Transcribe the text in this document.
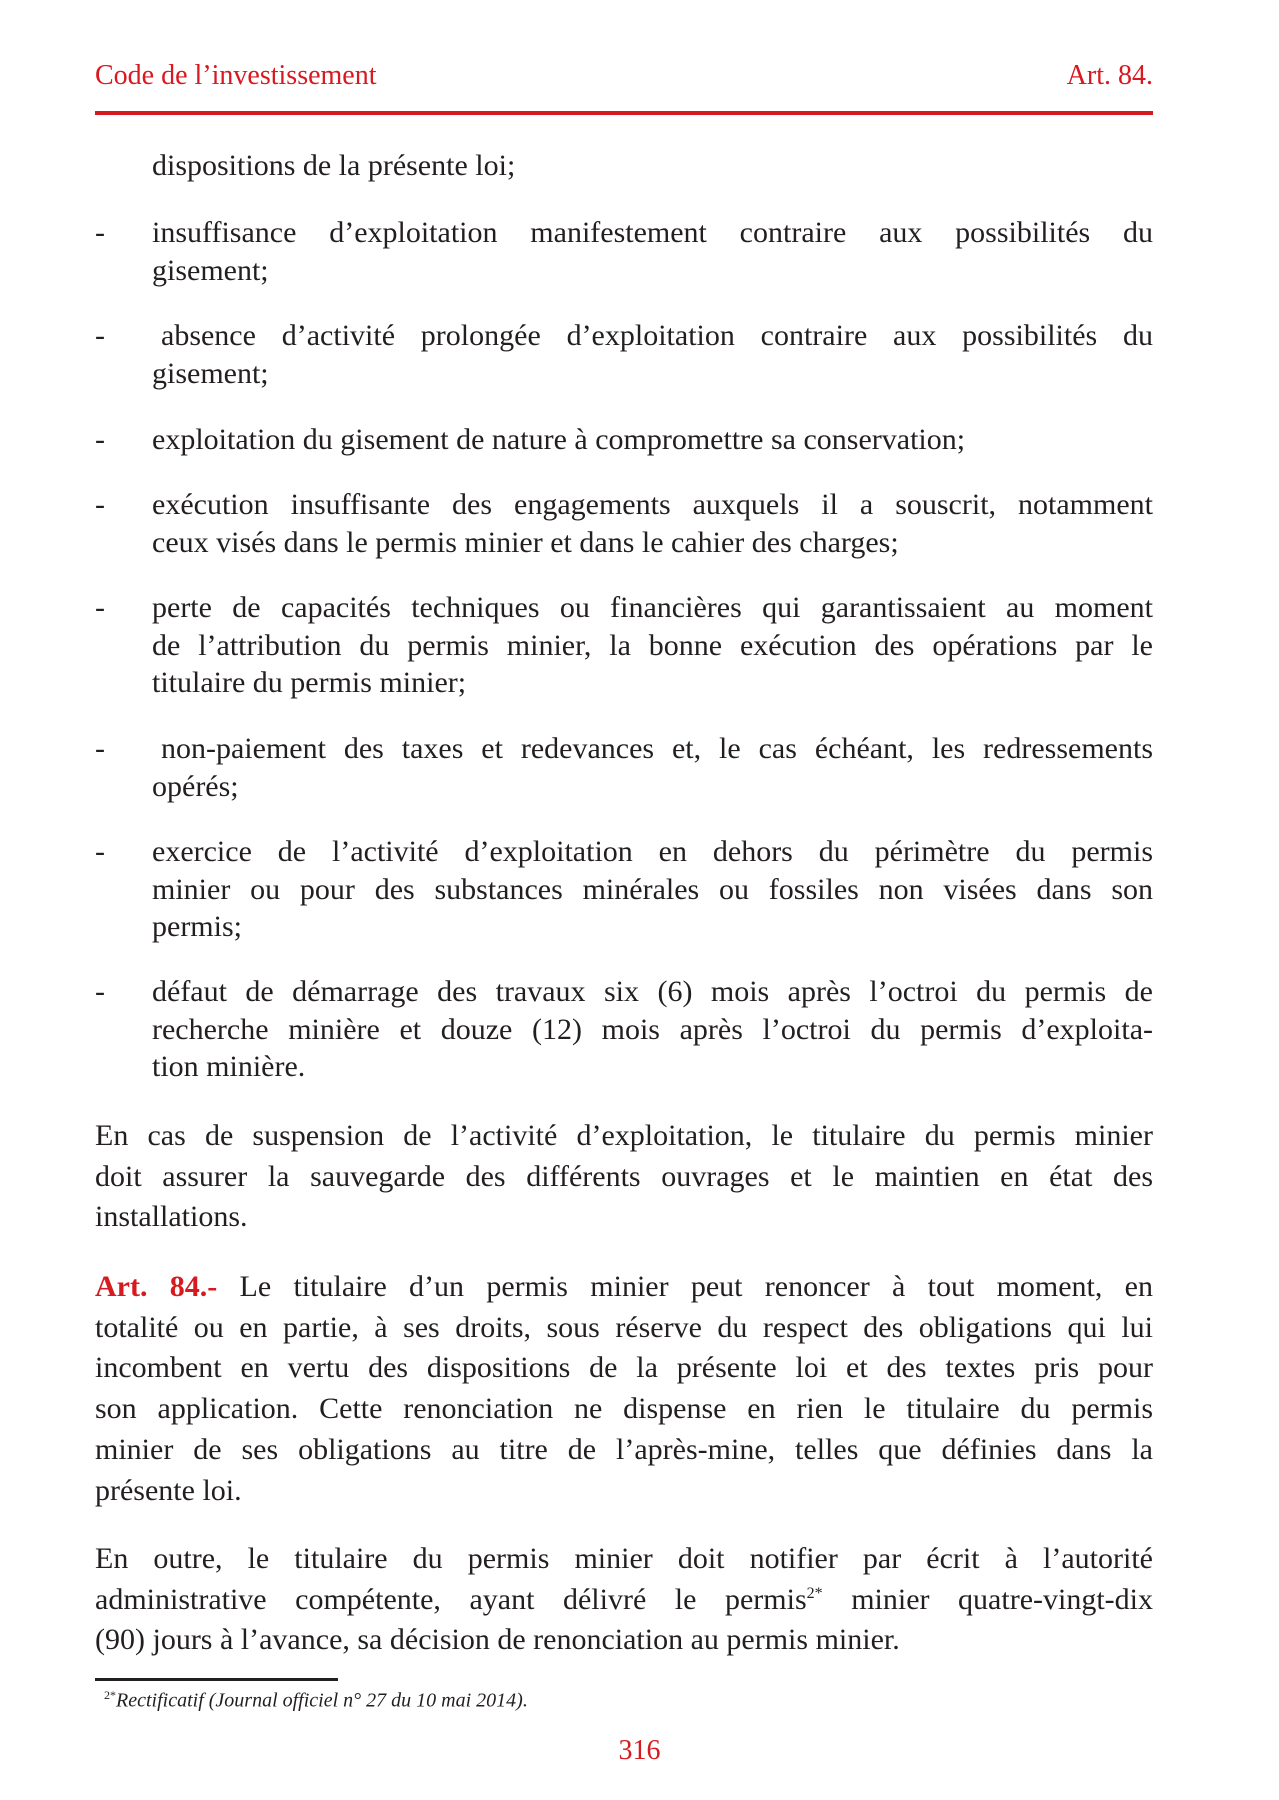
Code de l’investissement	Art. 84.
dispositions de la présente loi;
- insuffisance d’exploitation manifestement contraire aux possibilités du
gisement;
-	absence d’activité prolongée d’exploitation contraire aux possibilités du
gisement;
- exploitation du gisement de nature à compromettre sa conservation;
- exécution insuffisante des engagements auxquels il a souscrit, notamment
ceux visés dans le permis minier et dans le cahier des charges;
- perte de capacités techniques ou financières qui garantissaient au moment
de l’attribution du permis minier, la bonne exécution des opérations par le
titulaire du permis minier;
-	non-paiement des taxes et redevances et, le cas échéant, les redressements
opérés;
- exercice de l’activité d’exploitation en dehors du périmètre du permis
minier ou pour des substances minérales ou fossiles non visées dans son
permis;
- défaut de démarrage des travaux six (6) mois après l’octroi du permis de
recherche minière et douze (12) mois après l’octroi du permis d’exploita-
tion minière.
En cas de suspension de l’activité d’exploitation, le titulaire du permis minier
doit assurer la sauvegarde des différents ouvrages et le maintien en état des
installations.
Art. 84.- Le titulaire d’un permis minier peut renoncer à tout moment, en
totalité ou en partie, à ses droits, sous réserve du respect des obligations qui lui
incombent en vertu des dispositions de la présente loi et des textes pris pour
son application. Cette renonciation ne dispense en rien le titulaire du permis
minier de ses obligations au titre de l’après-mine, telles que définies dans la
présente loi.
En outre, le titulaire du permis minier doit notifier par écrit à l’autorité
administrative compétente, ayant délivré le permis$^{2*}$ minier quatre-vingt-dix
(90) jours à l’avance, sa décision de renonciation au permis minier.
$^{2*}$Rectificatif (Journal officiel n° 27 du 10 mai 2014).
316
